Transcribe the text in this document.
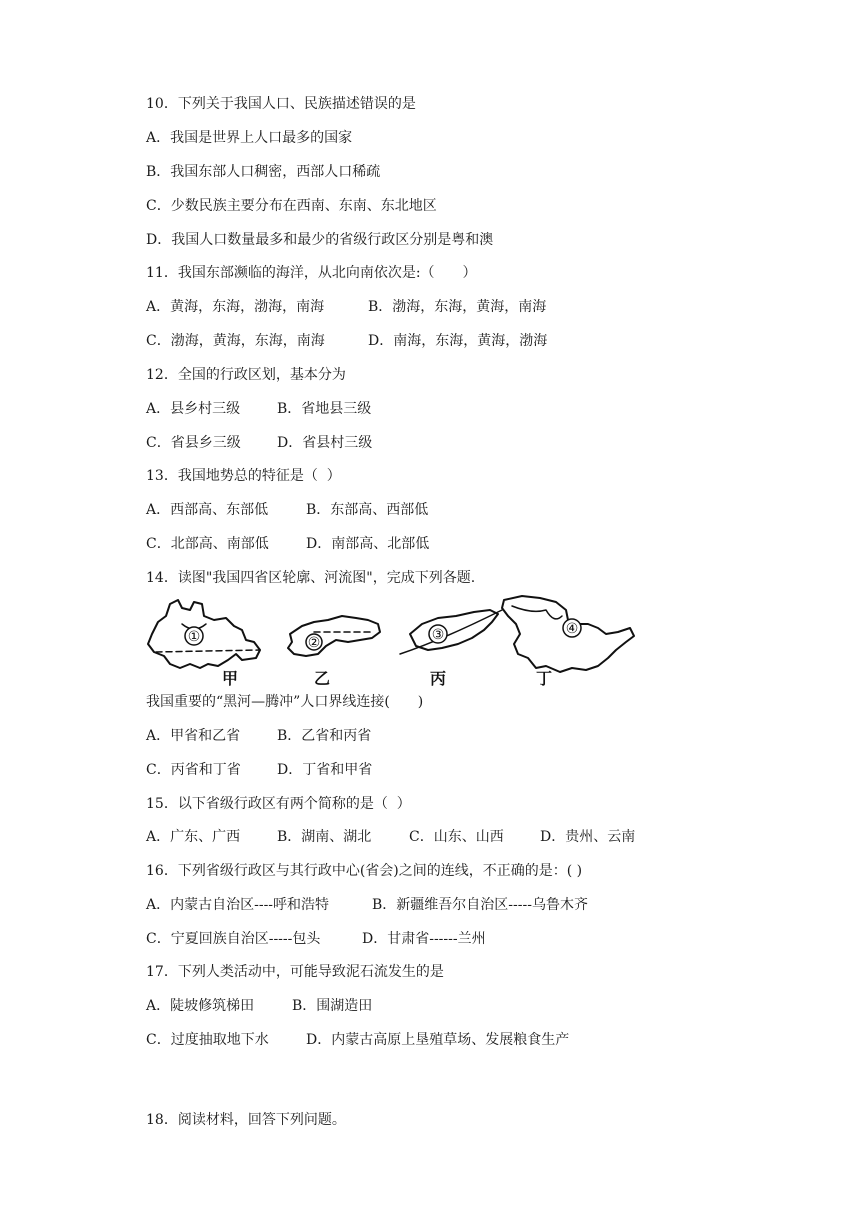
10．下列关于我国人口、民族描述错误的是
A．我国是世界上人口最多的国家
B．我国东部人口稠密，西部人口稀疏
C．少数民族主要分布在西南、东南、东北地区
D．我国人口数量最多和最少的省级行政区分别是粤和澳
11．我国东部濒临的海洋，从北向南依次是:（　　）
A．黄海，东海，渤海，南海	B．渤海，东海，黄海，南海
C．渤海，黄海，东海，南海	D．南海，东海，黄海，渤海
12．全国的行政区划，基本分为
A．县乡村三级	B．省地县三级
C．省县乡三级	D．省县村三级
13．我国地势总的特征是（  ）
A．西部高、东部低	B．东部高、西部低
C．北部高、南部低	D．南部高、北部低
14．读图"我国四省区轮廓、河流图"，完成下列各题.
①	②	③	④
甲	乙	丙	丁
我国重要的“黑河—腾冲”人口界线连接(　　)
A．甲省和乙省	B．乙省和丙省
C．丙省和丁省	D．丁省和甲省
15．以下省级行政区有两个简称的是（  ）
A．广东、广西	B．湖南、湖北	C．山东、山西	D．贵州、云南
16．下列省级行政区与其行政中心(省会)之间的连线，不正确的是：( )
A．内蒙古自治区----呼和浩特	B．新疆维吾尔自治区-----乌鲁木齐
C．宁夏回族自治区-----包头	D．甘肃省------兰州
17．下列人类活动中，可能导致泥石流发生的是
A．陡坡修筑梯田	B．围湖造田
C．过度抽取地下水	D．内蒙古高原上垦殖草场、发展粮食生产
18．阅读材料，回答下列问题。
